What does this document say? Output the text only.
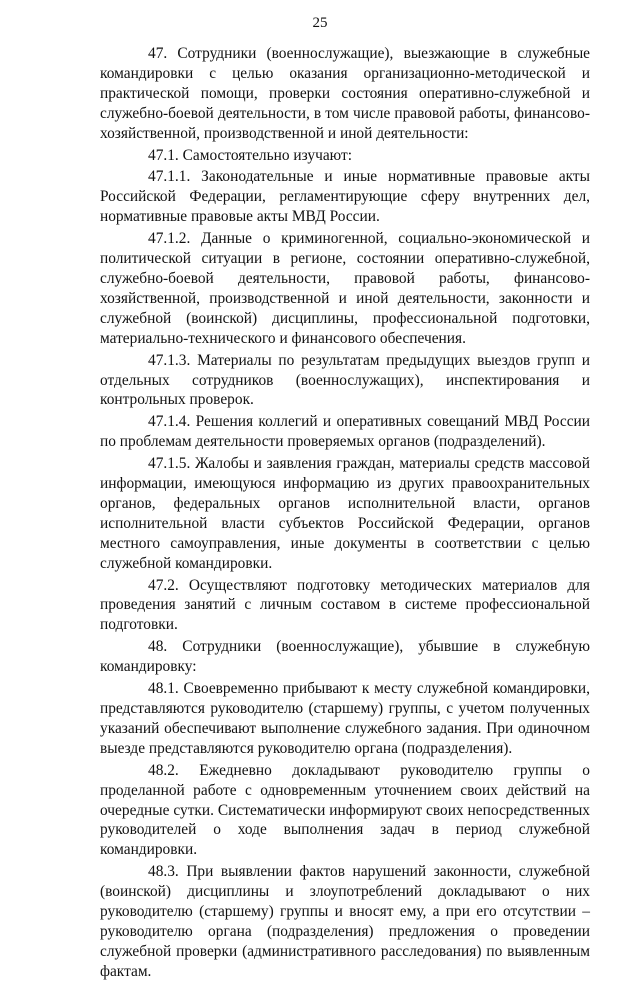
25

47. Сотрудники (военнослужащие), выезжающие в служебные командировки с целью оказания организационно-методической и практической помощи, проверки состояния оперативно-служебной и служебно-боевой деятельности, в том числе правовой работы, финансово-хозяйственной, производственной и иной деятельности:

47.1. Самостоятельно изучают:

47.1.1. Законодательные и иные нормативные правовые акты Российской Федерации, регламентирующие сферу внутренних дел, нормативные правовые акты МВД России.

47.1.2. Данные о криминогенной, социально-экономической и политической ситуации в регионе, состоянии оперативно-служебной, служебно-боевой деятельности, правовой работы, финансово-хозяйственной, производственной и иной деятельности, законности и служебной (воинской) дисциплины, профессиональной подготовки, материально-технического и финансового обеспечения.

47.1.3. Материалы по результатам предыдущих выездов групп и отдельных сотрудников (военнослужащих), инспектирования и контрольных проверок.

47.1.4. Решения коллегий и оперативных совещаний МВД России по проблемам деятельности проверяемых органов (подразделений).

47.1.5. Жалобы и заявления граждан, материалы средств массовой информации, имеющуюся информацию из других правоохранительных органов, федеральных органов исполнительной власти, органов исполнительной власти субъектов Российской Федерации, органов местного самоуправления, иные документы в соответствии с целью служебной командировки.

47.2. Осуществляют подготовку методических материалов для проведения занятий с личным составом в системе профессиональной подготовки.

48. Сотрудники (военнослужащие), убывшие в служебную командировку:

48.1. Своевременно прибывают к месту служебной командировки, представляются руководителю (старшему) группы, с учетом полученных указаний обеспечивают выполнение служебного задания. При одиночном выезде представляются руководителю органа (подразделения).

48.2. Ежедневно докладывают руководителю группы о проделанной работе с одновременным уточнением своих действий на очередные сутки. Систематически информируют своих непосредственных руководителей о ходе выполнения задач в период служебной командировки.

48.3. При выявлении фактов нарушений законности, служебной (воинской) дисциплины и злоупотреблений докладывают о них руководителю (старшему) группы и вносят ему, а при его отсутствии – руководителю органа (подразделения) предложения о проведении служебной проверки (административного расследования) по выявленным фактам.
